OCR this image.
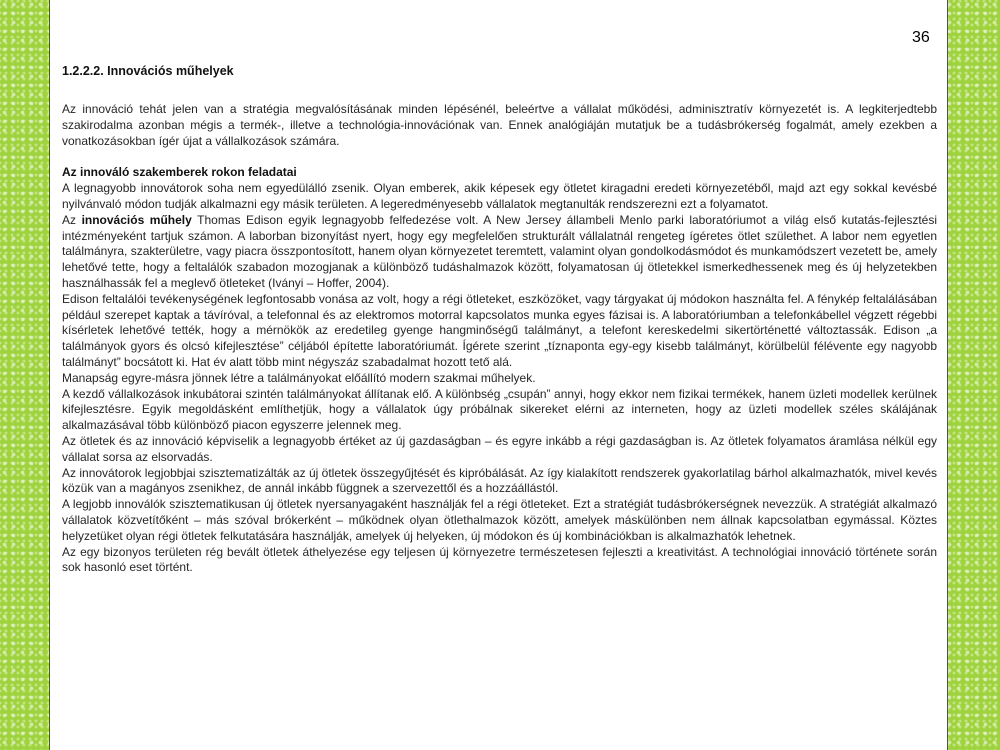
36
1.2.2.2. Innovációs műhelyek

Az innováció tehát jelen van a stratégia megvalósításának minden lépésénél, beleértve a vállalat működési, adminisztratív környezetét is. A legkiterjedtebb szakirodalma azonban mégis a termék-, illetve a technológia-innovációnak van. Ennek analógiáján mutatjuk be a tudásbrókerség fogalmát, amely ezekben a vonatkozásokban ígér újat a vállalkozások számára.

Az innováló szakemberek rokon feladatai

A legnagyobb innovátorok soha nem egyedülálló zsenik. Olyan emberek, akik képesek egy ötletet kiragadni eredeti környezetéből, majd azt egy sokkal kevésbé nyilvánvaló módon tudják alkalmazni egy másik területen. A legeredményesebb vállalatok megtanulták rendszerezni ezt a folyamatot.

Az innovációs műhely Thomas Edison egyik legnagyobb felfedezése volt. A New Jersey állambeli Menlo parki laboratóriumot a világ első kutatás-fejlesztési intézményeként tartjuk számon. A laborban bizonyítást nyert, hogy egy megfelelően strukturált vállalatnál rengeteg ígéretes ötlet születhet. A labor nem egyetlen találmányra, szakterületre, vagy piacra összpontosított, hanem olyan környezetet teremtett, valamint olyan gondolkodásmódot és munkamódszert vezetett be, amely lehetővé tette, hogy a feltalálók szabadon mozogjanak a különböző tudáshalmazok között, folyamatosan új ötletekkel ismerkedhessenek meg és új helyzetekben használhassák fel a meglevő ötleteket (Iványi – Hoffer, 2004).

Edison feltalálói tevékenységének legfontosabb vonása az volt, hogy a régi ötleteket, eszközöket, vagy tárgyakat új módokon használta fel. A fénykép feltalálásában például szerepet kaptak a távíróval, a telefonnal és az elektromos motorral kapcsolatos munka egyes fázisai is. A laboratóriumban a telefonkábellel végzett régebbi kísérletek lehetővé tették, hogy a mérnökök az eredetileg gyenge hangminőségű találmányt, a telefont kereskedelmi sikertörténetté változtassák. Edison „a találmányok gyors és olcsó kifejlesztése” céljából építette laboratóriumát. Ígérete szerint „tíznaponta egy-egy kisebb találmányt, körülbelül félévente egy nagyobb találmányt” bocsátott ki. Hat év alatt több mint négyszáz szabadalmat hozott tető alá.

Manapság egyre-másra jönnek létre a találmányokat előállító modern szakmai műhelyek.

A kezdő vállalkozások inkubátorai szintén találmányokat állítanak elő. A különbség „csupán” annyi, hogy ekkor nem fizikai termékek, hanem üzleti modellek kerülnek kifejlesztésre. Egyik megoldásként említhetjük, hogy a vállalatok úgy próbálnak sikereket elérni az interneten, hogy az üzleti modellek széles skálájának alkalmazásával több különböző piacon egyszerre jelennek meg.

Az ötletek és az innováció képviselik a legnagyobb értéket az új gazdaságban – és egyre inkább a régi gazdaságban is. Az ötletek folyamatos áramlása nélkül egy vállalat sorsa az elsorvadás.

Az innovátorok legjobbjai szisztematizálták az új ötletek összegyűjtését és kipróbálását. Az így kialakított rendszerek gyakorlatilag bárhol alkalmazhatók, mivel kevés közük van a magányos zsenikhez, de annál inkább függnek a szervezettől és a hozzáállástól.

A legjobb innoválók szisztematikusan új ötletek nyersanyagaként használják fel a régi ötleteket. Ezt a stratégiát tudásbrókerségnek nevezzük. A stratégiát alkalmazó vállalatok közvetítőként – más szóval brókerként – működnek olyan ötlethalmazok között, amelyek máskülönben nem állnak kapcsolatban egymással. Köztes helyzetüket olyan régi ötletek felkutatására használják, amelyek új helyeken, új módokon és új kombinációkban is alkalmazhatók lehetnek.

Az egy bizonyos területen rég bevált ötletek áthelyezése egy teljesen új környezetre természetesen fejleszti a kreativitást. A technológiai innováció története során sok hasonló eset történt.
